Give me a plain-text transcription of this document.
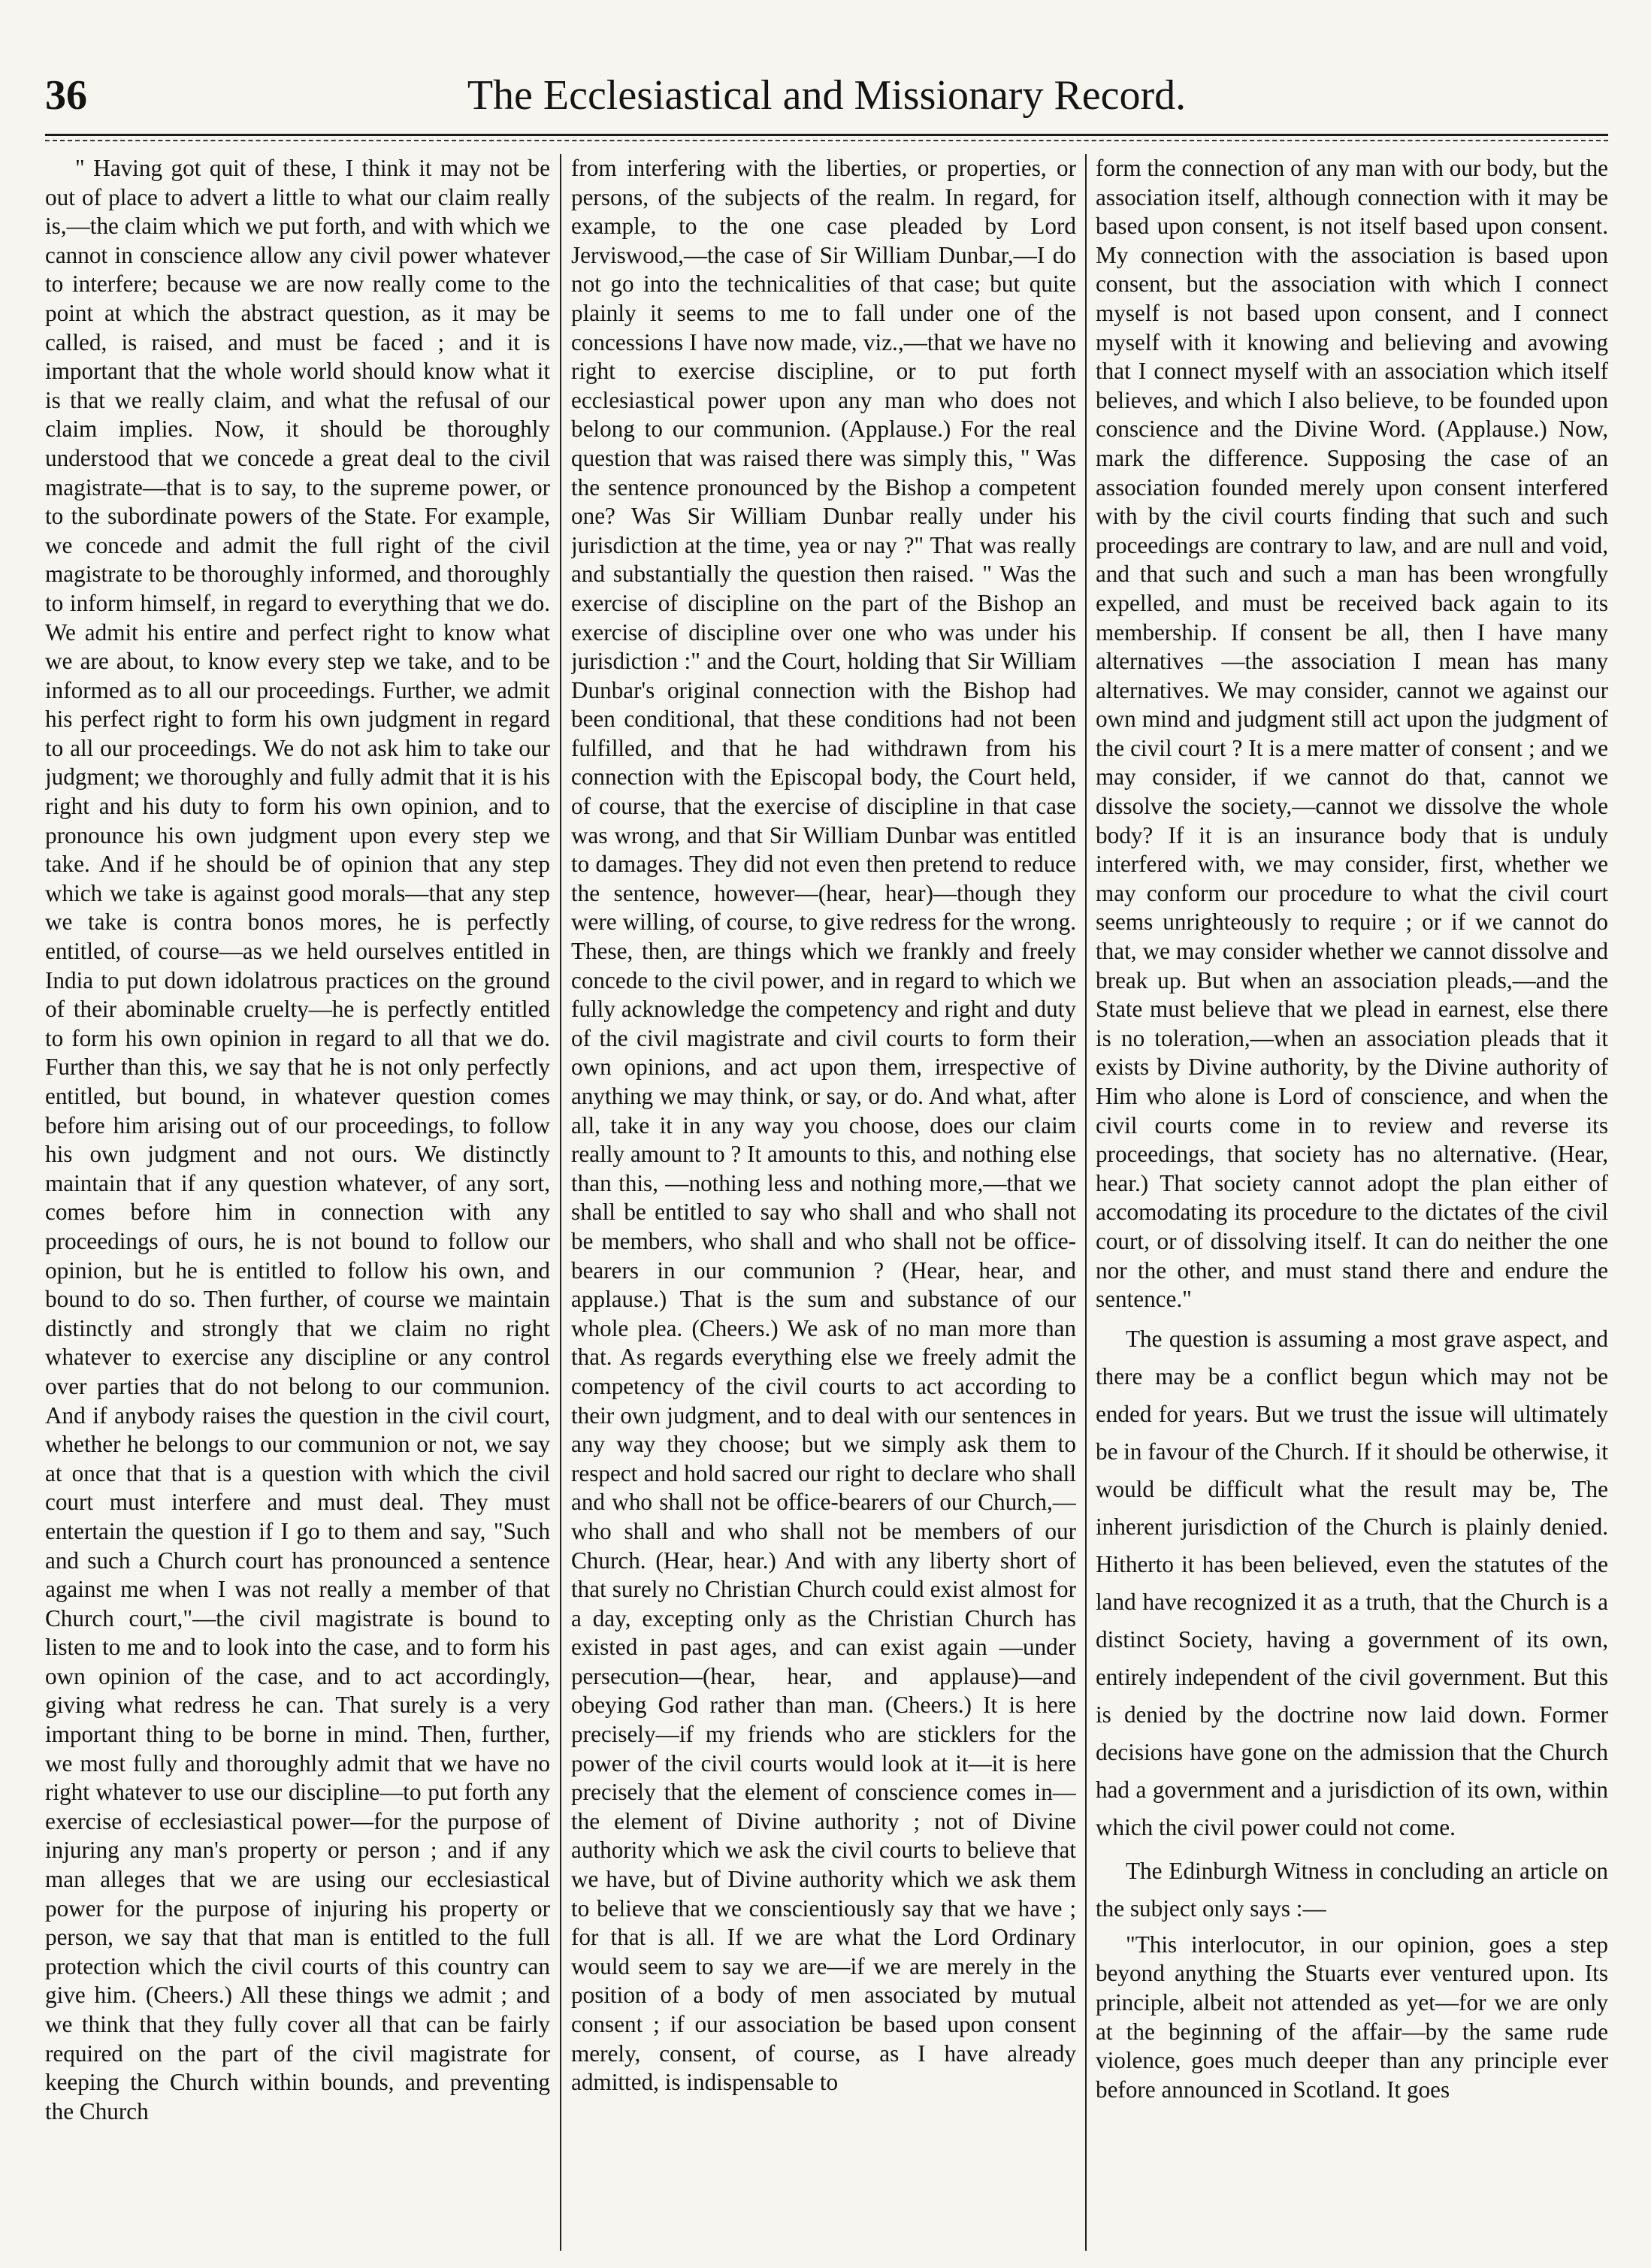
36	The Ecclesiastical and Missionary Record.

" Having got quit of these, I think it may not be out of place to advert a little to what our claim really is,—the claim which we put forth, and with which we cannot in conscience allow any civil power whatever to interfere; because we are now really come to the point at which the abstract question, as it may be called, is raised, and must be faced ; and it is important that the whole world should know what it is that we really claim, and what the refusal of our claim implies. Now, it should be thoroughly understood that we concede a great deal to the civil magistrate—that is to say, to the supreme power, or to the subordinate powers of the State. For example, we concede and admit the full right of the civil magistrate to be thoroughly informed, and thoroughly to inform himself, in regard to everything that we do. We admit his entire and perfect right to know what we are about, to know every step we take, and to be informed as to all our proceedings. Further, we admit his perfect right to form his own judgment in regard to all our proceedings. We do not ask him to take our judgment; we thoroughly and fully admit that it is his right and his duty to form his own opinion, and to pronounce his own judgment upon every step we take. And if he should be of opinion that any step which we take is against good morals—that any step we take is contra bonos mores, he is perfectly entitled, of course—as we held ourselves entitled in India to put down idolatrous practices on the ground of their abominable cruelty—he is perfectly entitled to form his own opinion in regard to all that we do. Further than this, we say that he is not only perfectly entitled, but bound, in whatever question comes before him arising out of our proceedings, to follow his own judgment and not ours. We distinctly maintain that if any question whatever, of any sort, comes before him in connection with any proceedings of ours, he is not bound to follow our opinion, but he is entitled to follow his own, and bound to do so. Then further, of course we maintain distinctly and strongly that we claim no right whatever to exercise any discipline or any control over parties that do not belong to our communion. And if anybody raises the question in the civil court, whether he belongs to our communion or not, we say at once that that is a question with which the civil court must interfere and must deal. They must entertain the question if I go to them and say, "Such and such a Church court has pronounced a sentence against me when I was not really a member of that Church court,"—the civil magistrate is bound to listen to me and to look into the case, and to form his own opinion of the case, and to act accordingly, giving what redress he can. That surely is a very important thing to be borne in mind. Then, further, we most fully and thoroughly admit that we have no right whatever to use our discipline—to put forth any exercise of ecclesiastical power—for the purpose of injuring any man's property or person ; and if any man alleges that we are using our ecclesiastical power for the purpose of injuring his property or person, we say that that man is entitled to the full protection which the civil courts of this country can give him. (Cheers.) All these things we admit ; and we think that they fully cover all that can be fairly required on the part of the civil magistrate for keeping the Church within bounds, and preventing the Church

from interfering with the liberties, or properties, or persons, of the subjects of the realm. In regard, for example, to the one case pleaded by Lord Jerviswood,—the case of Sir William Dunbar,—I do not go into the technicalities of that case; but quite plainly it seems to me to fall under one of the concessions I have now made, viz.,—that we have no right to exercise discipline, or to put forth ecclesiastical power upon any man who does not belong to our communion. (Applause.) For the real question that was raised there was simply this, " Was the sentence pronounced by the Bishop a competent one? Was Sir William Dunbar really under his jurisdiction at the time, yea or nay ?" That was really and substantially the question then raised. " Was the exercise of discipline on the part of the Bishop an exercise of discipline over one who was under his jurisdiction :" and the Court, holding that Sir William Dunbar's original connection with the Bishop had been conditional, that these conditions had not been fulfilled, and that he had withdrawn from his connection with the Episcopal body, the Court held, of course, that the exercise of discipline in that case was wrong, and that Sir William Dunbar was entitled to damages. They did not even then pretend to reduce the sentence, however—(hear, hear)—though they were willing, of course, to give redress for the wrong. These, then, are things which we frankly and freely concede to the civil power, and in regard to which we fully acknowledge the competency and right and duty of the civil magistrate and civil courts to form their own opinions, and act upon them, irrespective of anything we may think, or say, or do. And what, after all, take it in any way you choose, does our claim really amount to ? It amounts to this, and nothing else than this, —nothing less and nothing more,—that we shall be entitled to say who shall and who shall not be members, who shall and who shall not be office-bearers in our communion ? (Hear, hear, and applause.) That is the sum and substance of our whole plea. (Cheers.) We ask of no man more than that. As regards everything else we freely admit the competency of the civil courts to act according to their own judgment, and to deal with our sentences in any way they choose; but we simply ask them to respect and hold sacred our right to declare who shall and who shall not be office-bearers of our Church,—who shall and who shall not be members of our Church. (Hear, hear.) And with any liberty short of that surely no Christian Church could exist almost for a day, excepting only as the Christian Church has existed in past ages, and can exist again —under persecution—(hear, hear, and applause)—and obeying God rather than man. (Cheers.) It is here precisely—if my friends who are sticklers for the power of the civil courts would look at it—it is here precisely that the element of conscience comes in—the element of Divine authority ; not of Divine authority which we ask the civil courts to believe that we have, but of Divine authority which we ask them to believe that we conscientiously say that we have ; for that is all. If we are what the Lord Ordinary would seem to say we are—if we are merely in the position of a body of men associated by mutual consent ; if our association be based upon consent merely, consent, of course, as I have already admitted, is indispensable to

form the connection of any man with our body, but the association itself, although connection with it may be based upon consent, is not itself based upon consent. My connection with the association is based upon consent, but the association with which I connect myself is not based upon consent, and I connect myself with it knowing and believing and avowing that I connect myself with an association which itself believes, and which I also believe, to be founded upon conscience and the Divine Word. (Applause.) Now, mark the difference. Supposing the case of an association founded merely upon consent interfered with by the civil courts finding that such and such proceedings are contrary to law, and are null and void, and that such and such a man has been wrongfully expelled, and must be received back again to its membership. If consent be all, then I have many alternatives —the association I mean has many alternatives. We may consider, cannot we against our own mind and judgment still act upon the judgment of the civil court ? It is a mere matter of consent ; and we may consider, if we cannot do that, cannot we dissolve the society,—cannot we dissolve the whole body? If it is an insurance body that is unduly interfered with, we may consider, first, whether we may conform our procedure to what the civil court seems unrighteously to require ; or if we cannot do that, we may consider whether we cannot dissolve and break up. But when an association pleads,—and the State must believe that we plead in earnest, else there is no toleration,—when an association pleads that it exists by Divine authority, by the Divine authority of Him who alone is Lord of conscience, and when the civil courts come in to review and reverse its proceedings, that society has no alternative. (Hear, hear.) That society cannot adopt the plan either of accomodating its procedure to the dictates of the civil court, or of dissolving itself. It can do neither the one nor the other, and must stand there and endure the sentence."

The question is assuming a most grave aspect, and there may be a conflict begun which may not be ended for years. But we trust the issue will ultimately be in favour of the Church. If it should be otherwise, it would be difficult what the result may be, The inherent jurisdiction of the Church is plainly denied. Hitherto it has been believed, even the statutes of the land have recognized it as a truth, that the Church is a distinct Society, having a government of its own, entirely independent of the civil government. But this is denied by the doctrine now laid down. Former decisions have gone on the admission that the Church had a government and a jurisdiction of its own, within which the civil power could not come.

The Edinburgh Witness in concluding an article on the subject only says :—

"This interlocutor, in our opinion, goes a step beyond anything the Stuarts ever ventured upon. Its principle, albeit not attended as yet—for we are only at the beginning of the affair—by the same rude violence, goes much deeper than any principle ever before announced in Scotland. It goes
